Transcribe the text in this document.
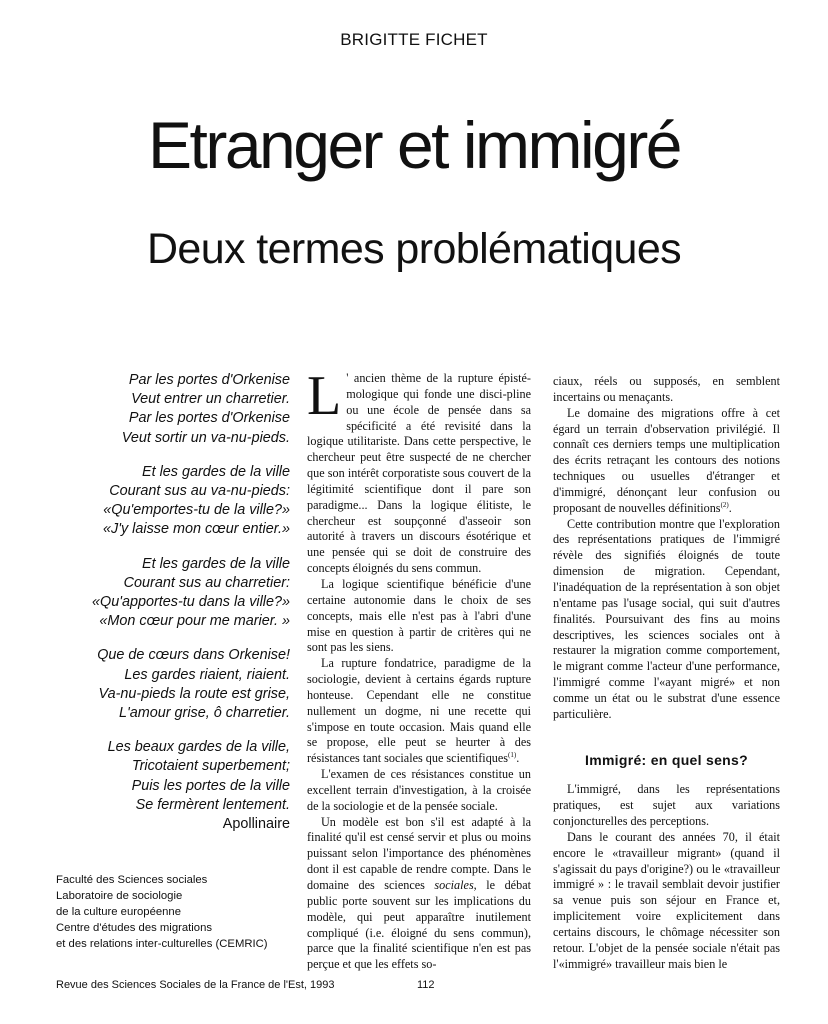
BRIGITTE FICHET
Etranger et immigré
Deux termes problématiques
Par les portes d'Orkenise
Veut entrer un charretier.
Par les portes d'Orkenise
Veut sortir un va-nu-pieds.
Et les gardes de la ville
Courant sus au va-nu-pieds:
«Qu'emportes-tu de la ville?»
«J'y laisse mon cœur entier.»
Et les gardes de la ville
Courant sus au charretier:
«Qu'apportes-tu dans la ville?»
«Mon cœur pour me marier. »
Que de cœurs dans Orkenise!
Les gardes riaient, riaient.
Va-nu-pieds la route est grise,
L'amour grise, ô charretier.
Les beaux gardes de la ville,
Tricotaient superbement;
Puis les portes de la ville
Se fermèrent lentement.
Apollinaire
Faculté des Sciences sociales
Laboratoire de sociologie
de la culture européenne
Centre d'études des migrations
et des relations inter-culturelles (CEMRIC)

L ' ancien thème de la rupture épisté-mologique qui fonde une disci-pline ou une école de pensée dans sa spécificité a été revisité dans la logique utilitariste. Dans cette perspective, le chercheur peut être suspecté de ne chercher que son intérêt corporatiste sous couvert de la légitimité scientifique dont il pare son paradigme... Dans la logique élitiste, le chercheur est soupçonné d'asseoir son autorité à travers un discours ésotérique et une pensée qui se doit de construire des concepts éloignés du sens commun.

La logique scientifique bénéficie d'une certaine autonomie dans le choix de ses concepts, mais elle n'est pas à l'abri d'une mise en question à partir de critères qui ne sont pas les siens.

La rupture fondatrice, paradigme de la sociologie, devient à certains égards rupture honteuse. Cependant elle ne constitue nullement un dogme, ni une recette qui s'impose en toute occasion. Mais quand elle se propose, elle peut se heurter à des résistances tant sociales que scientifiques$^{(1)}$.

L'examen de ces résistances constitue un excellent terrain d'investigation, à la croisée de la sociologie et de la pensée sociale.

Un modèle est bon s'il est adapté à la finalité qu'il est censé servir et plus ou moins puissant selon l'importance des phénomènes dont il est capable de rendre compte. Dans le domaine des sciences sociales, le débat public porte souvent sur les implications du modèle, qui peut apparaître inutilement compliqué (i.e. éloigné du sens commun), parce que la finalité scientifique n'en est pas perçue et que les effets so-

ciaux, réels ou supposés, en semblent incertains ou menaçants.

Le domaine des migrations offre à cet égard un terrain d'observation privilégié. Il connaît ces derniers temps une multiplication des écrits retraçant les contours des notions techniques ou usuelles d'étranger et d'immigré, dénonçant leur confusion ou proposant de nouvelles définitions$^{(2)}$.

Cette contribution montre que l'exploration des représentations pratiques de l'immigré révèle des signifiés éloignés de toute dimension de migration. Cependant, l'inadéquation de la représentation à son objet n'entame pas l'usage social, qui suit d'autres finalités. Poursuivant des fins au moins descriptives, les sciences sociales ont à restaurer la migration comme comportement, le migrant comme l'acteur d'une performance, l'immigré comme l'«ayant migré» et non comme un état ou le substrat d'une essence particulière.

Immigré: en quel sens?

L'immigré, dans les représentations pratiques, est sujet aux variations conjoncturelles des perceptions.

Dans le courant des années 70, il était encore le «travailleur migrant» (quand il s'agissait du pays d'origine?) ou le «travailleur immigré » : le travail semblait devoir justifier sa venue puis son séjour en France et, implicitement voire explicitement dans certains discours, le chômage nécessiter son retour. L'objet de la pensée sociale n'était pas l'«immigré» travailleur mais bien le

Revue des Sciences Sociales de la France de l'Est, 1993	112
